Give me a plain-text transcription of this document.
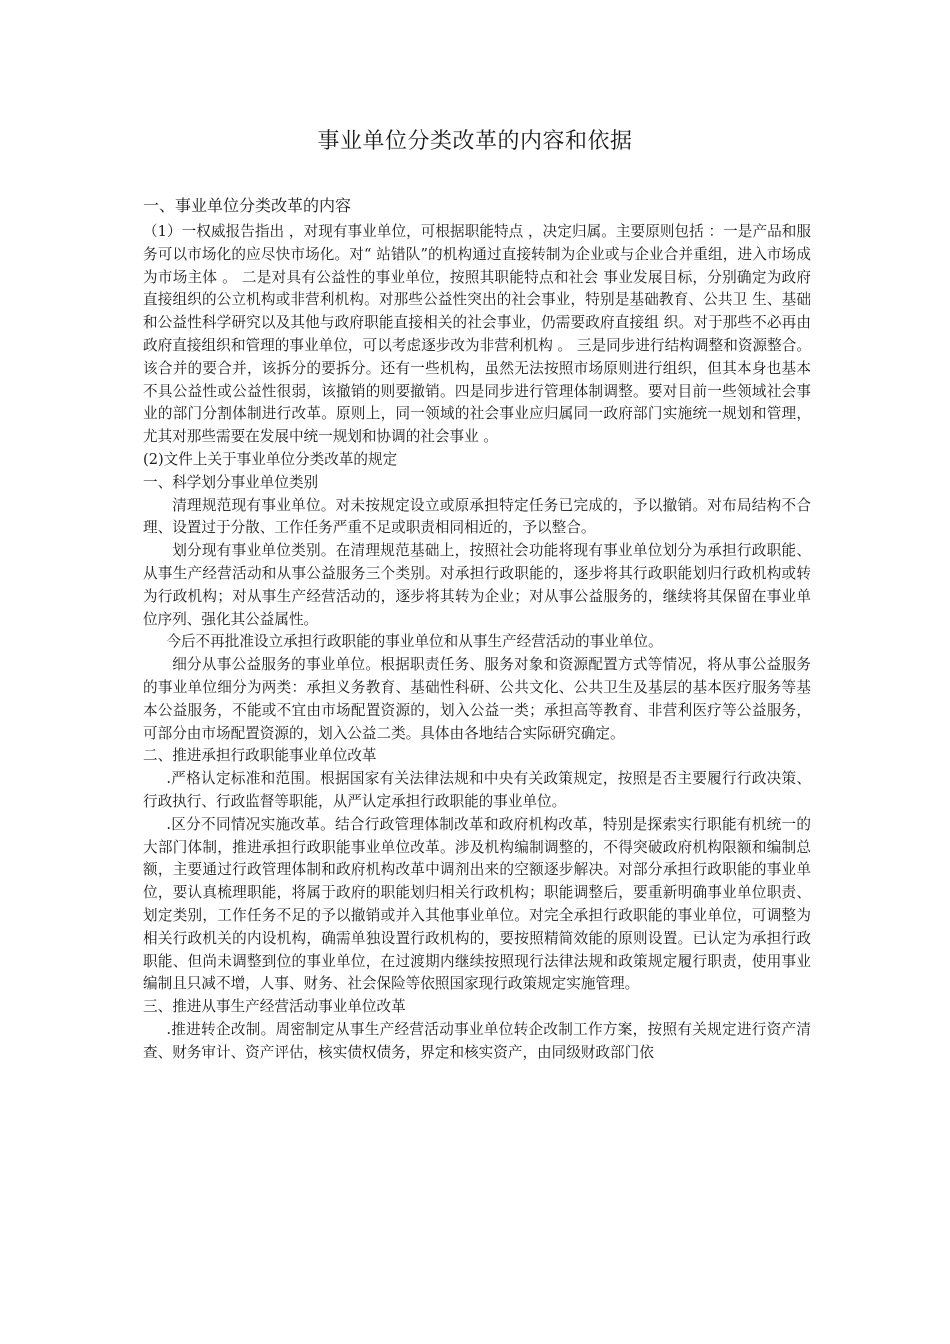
事业单位分类改革的内容和依据

一、事业单位分类改革的内容

（1）一权威报告指出 ，对现有事业单位，可根据职能特点 ，决定归属。主要原则包括 ：一是产品和服务可以市场化的应尽快市场化。对“ 站错队”的机构通过直接转制为企业或与企业合并重组，进入市场成为市场主体 。 二是对具有公益性的事业单位，按照其职能特点和社会 事业发展目标，分别确定为政府直接组织的公立机构或非营利机构。对那些公益性突出的社会事业，特别是基础教育、公共卫 生、基础和公益性科学研究以及其他与政府职能直接相关的社会事业，仍需要政府直接组 织。对于那些不必再由政府直接组织和管理的事业单位，可以考虑逐步改为非营利机构 。 三是同步进行结构调整和资源整合。该合并的要合并，该拆分的要拆分。还有一些机构，虽然无法按照市场原则进行组织，但其本身也基本不具公益性或公益性很弱，该撤销的则要撤销。四是同步进行管理体制调整。要对目前一些领域社会事业的部门分割体制进行改革。原则上，同一领域的社会事业应归属同一政府部门实施统一规划和管理，尤其对那些需要在发展中统一规划和协调的社会事业 。

(2)文件上关于事业单位分类改革的规定

一、科学划分事业单位类别

清理规范现有事业单位。对未按规定设立或原承担特定任务已完成的，予以撤销。对布局结构不合理、设置过于分散、工作任务严重不足或职责相同相近的，予以整合。

划分现有事业单位类别。在清理规范基础上，按照社会功能将现有事业单位划分为承担行政职能、从事生产经营活动和从事公益服务三个类别。对承担行政职能的，逐步将其行政职能划归行政机构或转为行政机构；对从事生产经营活动的，逐步将其转为企业；对从事公益服务的，继续将其保留在事业单位序列、强化其公益属性。

今后不再批准设立承担行政职能的事业单位和从事生产经营活动的事业单位。

细分从事公益服务的事业单位。根据职责任务、服务对象和资源配置方式等情况，将从事公益服务的事业单位细分为两类：承担义务教育、基础性科研、公共文化、公共卫生及基层的基本医疗服务等基本公益服务，不能或不宜由市场配置资源的，划入公益一类；承担高等教育、非营利医疗等公益服务，可部分由市场配置资源的，划入公益二类。具体由各地结合实际研究确定。

二、推进承担行政职能事业单位改革

.严格认定标准和范围。根据国家有关法律法规和中央有关政策规定，按照是否主要履行行政决策、行政执行、行政监督等职能，从严认定承担行政职能的事业单位。

.区分不同情况实施改革。结合行政管理体制改革和政府机构改革，特别是探索实行职能有机统一的大部门体制，推进承担行政职能事业单位改革。涉及机构编制调整的，不得突破政府机构限额和编制总额，主要通过行政管理体制和政府机构改革中调剂出来的空额逐步解决。对部分承担行政职能的事业单位，要认真梳理职能，将属于政府的职能划归相关行政机构；职能调整后，要重新明确事业单位职责、划定类别，工作任务不足的予以撤销或并入其他事业单位。对完全承担行政职能的事业单位，可调整为相关行政机关的内设机构，确需单独设置行政机构的，要按照精简效能的原则设置。已认定为承担行政职能、但尚未调整到位的事业单位，在过渡期内继续按照现行法律法规和政策规定履行职责，使用事业编制且只减不增，人事、财务、社会保险等依照国家现行政策规定实施管理。

三、推进从事生产经营活动事业单位改革

.推进转企改制。周密制定从事生产经营活动事业单位转企改制工作方案，按照有关规定进行资产清查、财务审计、资产评估，核实债权债务，界定和核实资产，由同级财政部门依
